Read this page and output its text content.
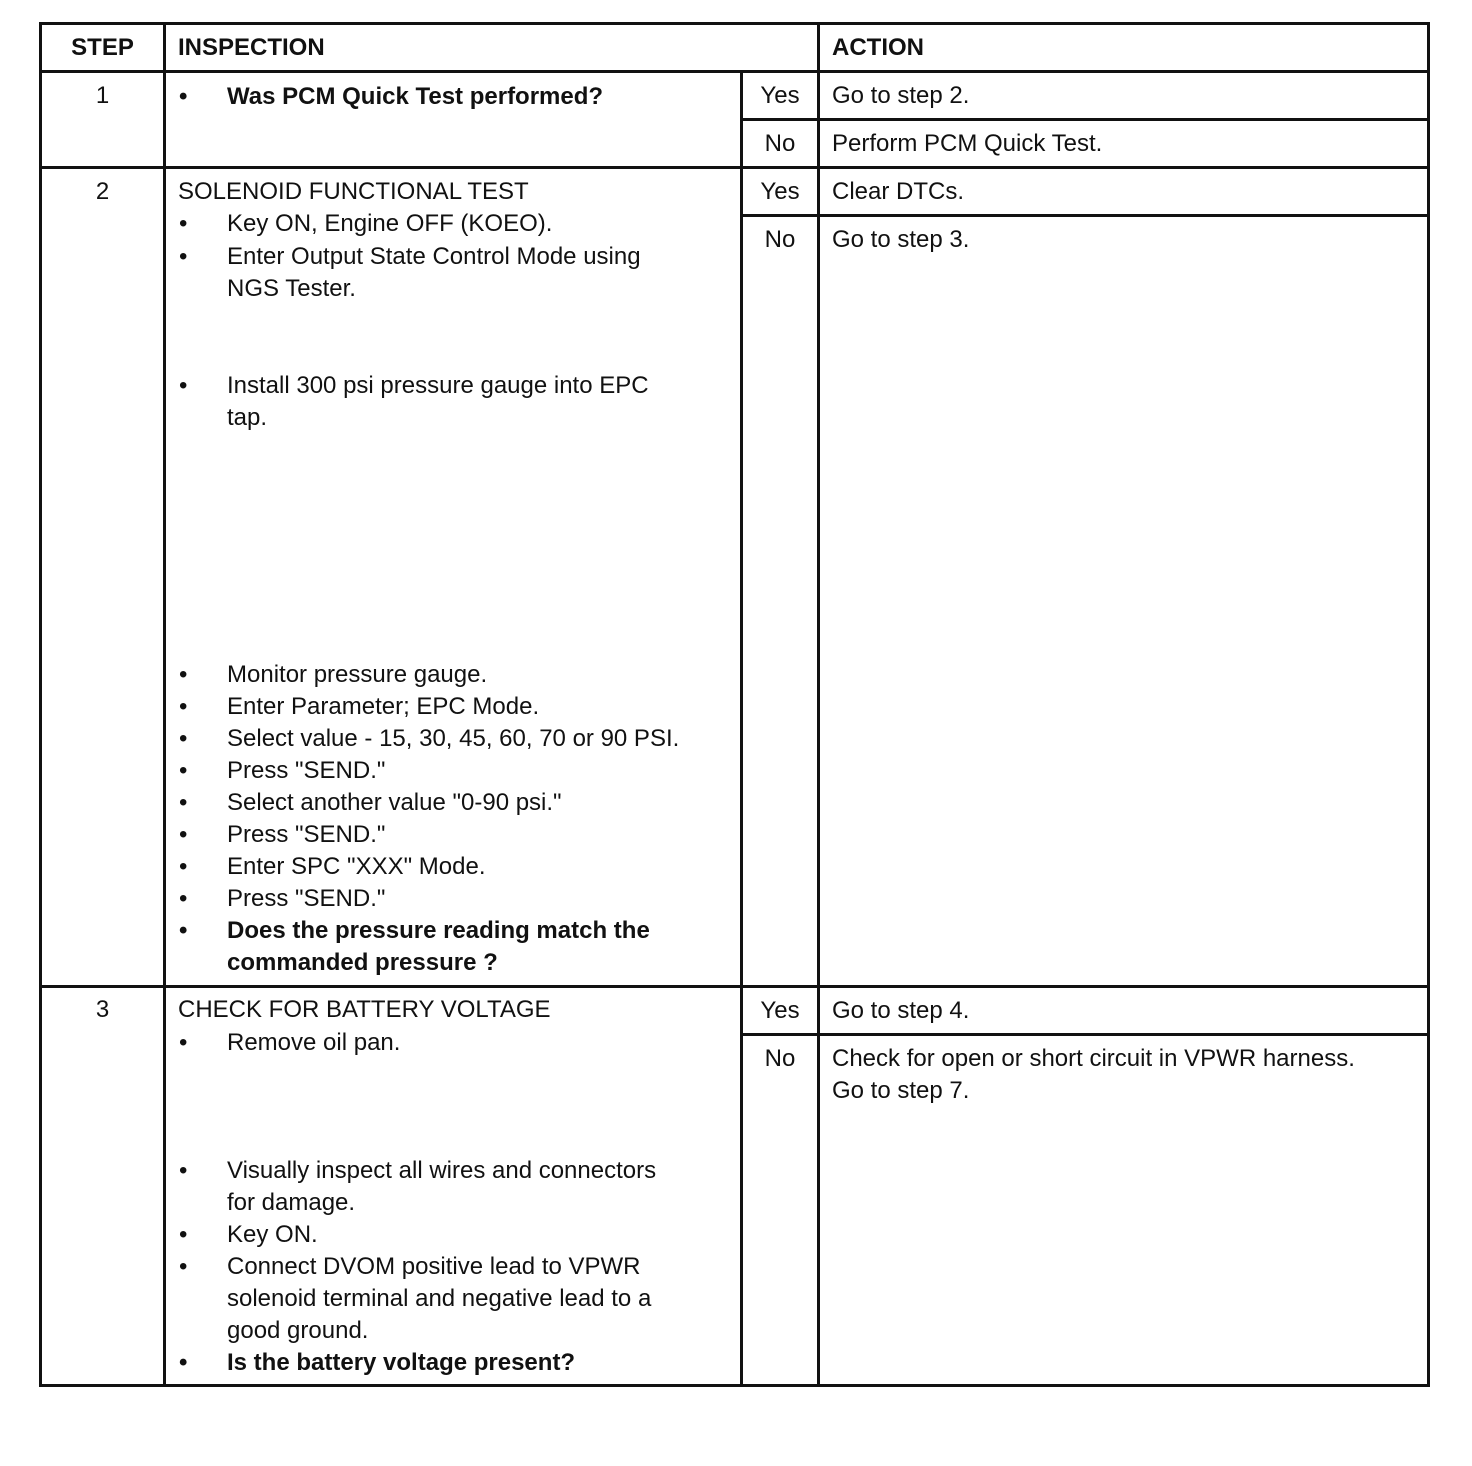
STEP	INSPECTION	ACTION
1
•	Was PCM Quick Test performed?	Yes	Go to step 2.
No	Perform PCM Quick Test.
2	SOLENOID FUNCTIONAL TEST
• Key ON, Engine OFF (KOEO).
• Enter Output State Control Mode using
NGS Tester.
• Install 300 psi pressure gauge into EPC
tap.
• Monitor pressure gauge.
• Enter Parameter; EPC Mode.
• Select value - 15, 30, 45, 60, 70 or 90 PSI.
• Press "SEND."
• Select another value "0-90 psi."
• Press "SEND."
• Enter SPC "XXX" Mode.
• Press "SEND."
• Does the pressure reading match the
commanded pressure ?
Yes	Clear DTCs.
No	Go to step 3.
3	CHECK FOR BATTERY VOLTAGE
• Remove oil pan.
• Visually inspect all wires and connectors
for damage.
• Key ON.
• Connect DVOM positive lead to VPWR
solenoid terminal and negative lead to a
good ground.
• Is the battery voltage present?
Yes	Go to step 4.
No	Check for open or short circuit in VPWR harness.
Go to step 7.
